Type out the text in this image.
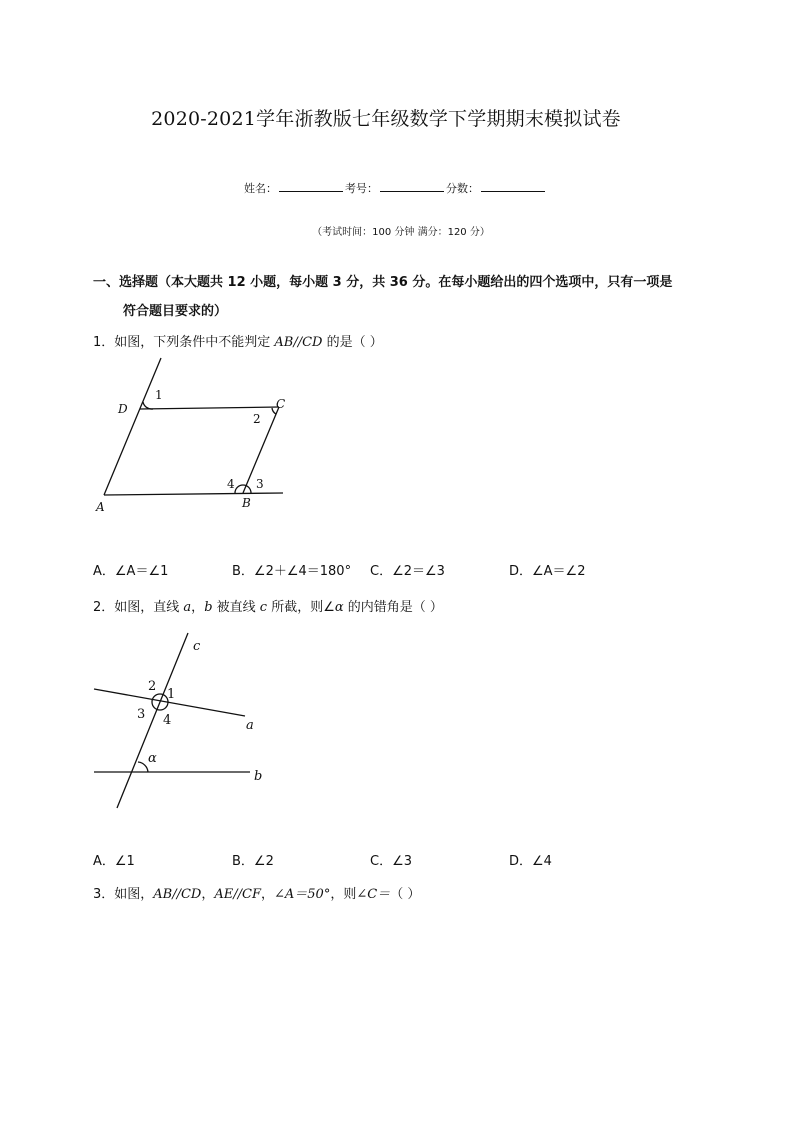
2020-2021学年浙教版七年级数学下学期期末模拟试卷
姓名：	考号：	分数：
（考试时间：100 分钟 满分：120 分）
一、选择题（本大题共 12 小题，每小题 3 分，共 36 分。在每小题给出的四个选项中，只有一项是
符合题目要求的）
1．如图，下列条件中不能判定 AB//CD 的是（ ）
D	C
A	B
1
2
3
4
A．∠A＝∠1	B．∠2＋∠4＝180° C．∠2＝∠3	D．∠A＝∠2
2．如图，直线 a，b 被直线 c 所截，则∠α 的内错角是（ ）
c
a
b
1
2
3 4
α
A．∠1	B．∠2	C．∠3	D．∠4
3．如图，AB//CD，AE//CF，∠A＝50°，则∠C＝（ ）
